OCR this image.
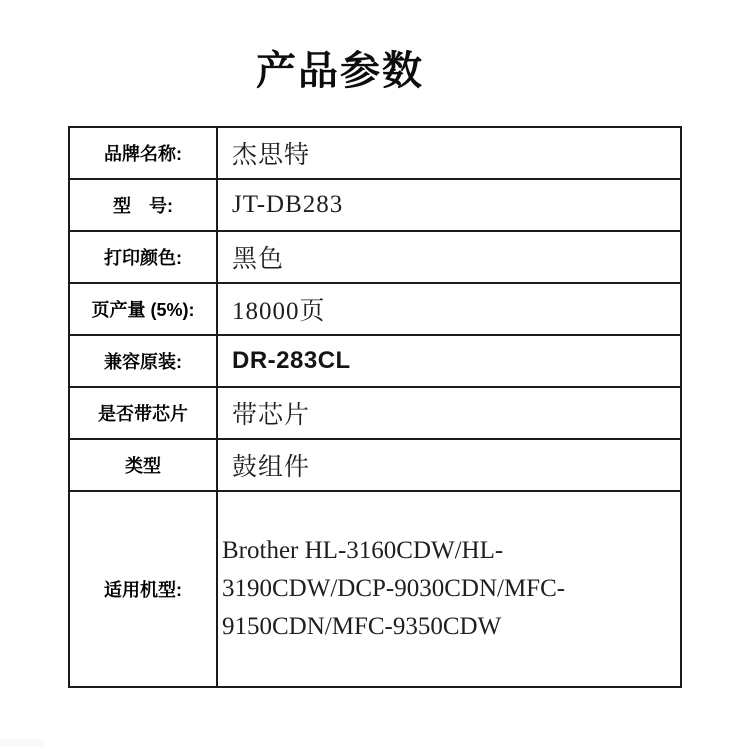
产品参数
品牌名称:	杰思特
型　号:	JT-DB283
打印颜色:	黑色
页产量 (5%):	18000页
兼容原装:	DR-283CL
是否带芯片	带芯片
类型	鼓组件
适用机型:
Brother HL-3160CDW/HL-3190CDW/DCP-9030CDN/MFC-9150CDN/MFC-9350CDW
